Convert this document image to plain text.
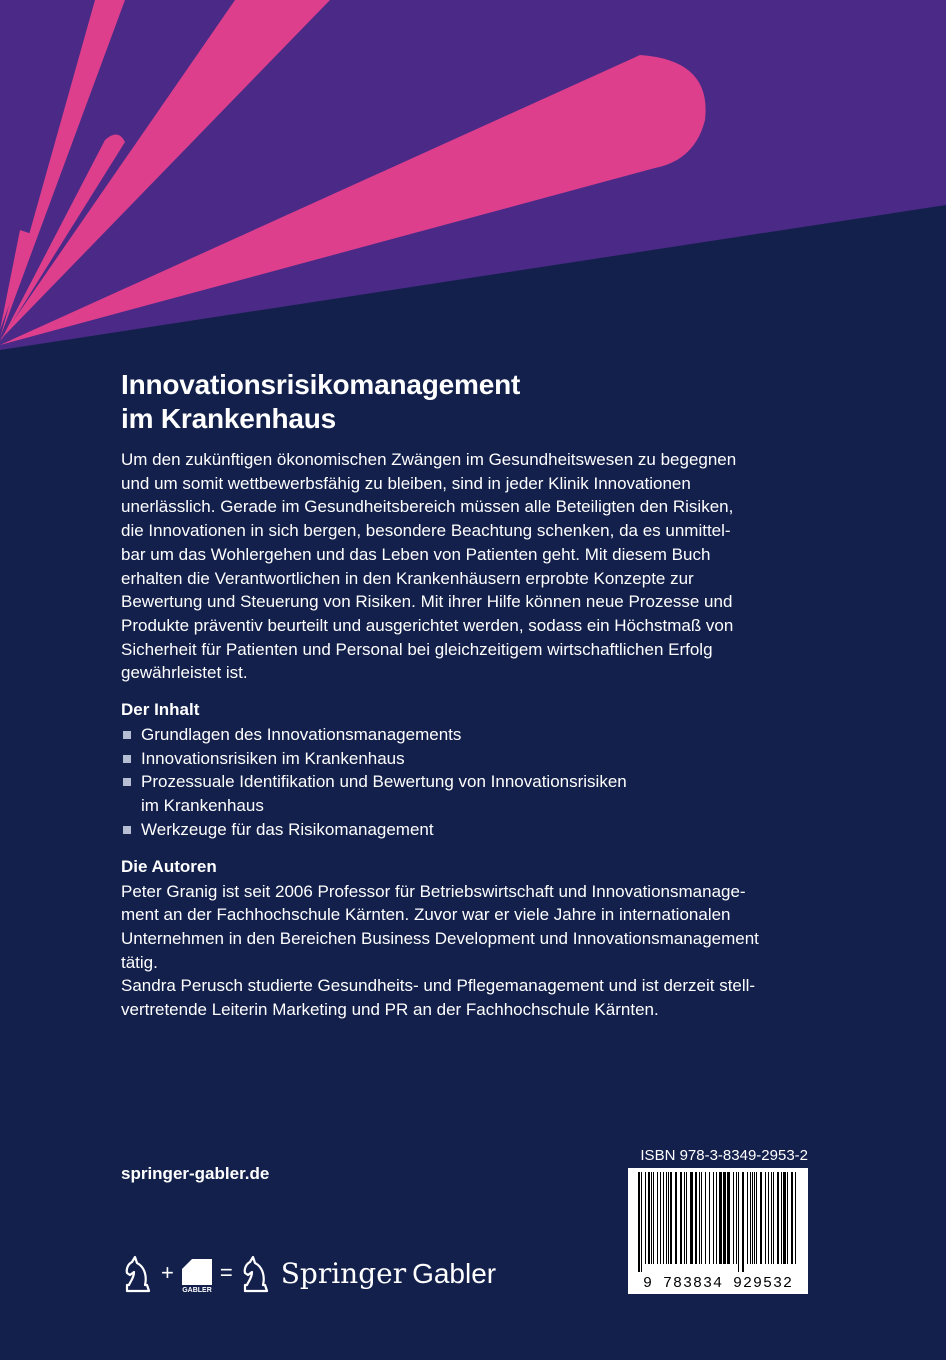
Innovationsrisikomanagement
im Krankenhaus

Um den zukünftigen ökonomischen Zwängen im Gesundheitswesen zu begegnen

und um somit wettbewerbsfähig zu bleiben, sind in jeder Klinik Innovationen

unerlässlich. Gerade im Gesundheitsbereich müssen alle Beteiligten den Risiken,

die Innovationen in sich bergen, besondere Beachtung schenken, da es unmittel-

bar um das Wohlergehen und das Leben von Patienten geht. Mit diesem Buch

erhalten die Verantwortlichen in den Krankenhäusern erprobte Konzepte zur

Bewertung und Steuerung von Risiken. Mit ihrer Hilfe können neue Prozesse und

Produkte präventiv beurteilt und ausgerichtet werden, sodass ein Höchstmaß von

Sicherheit für Patienten und Personal bei gleichzeitigem wirtschaftlichen Erfolg

gewährleistet ist.

Der Inhalt
Grundlagen des Innovationsmanagements
Innovationsrisiken im Krankenhaus
Prozessuale Identifikation und Bewertung von Innovationsrisiken
im Krankenhaus
Werkzeuge für das Risikomanagement
Die Autoren

Peter Granig ist seit 2006 Professor für Betriebswirtschaft und Innovationsmanage-

ment an der Fachhochschule Kärnten. Zuvor war er viele Jahre in internationalen

Unternehmen in den Bereichen Business Development und Innovationsmanagement

tätig.

Sandra Perusch studierte Gesundheits- und Pflegemanagement und ist derzeit stell-

vertretende Leiterin Marketing und PR an der Fachhochschule Kärnten.

springer-gabler.de
ISBN 978-3-8349-2953-2
9 783834 929532
+
GABLER
= Springer Gabler
